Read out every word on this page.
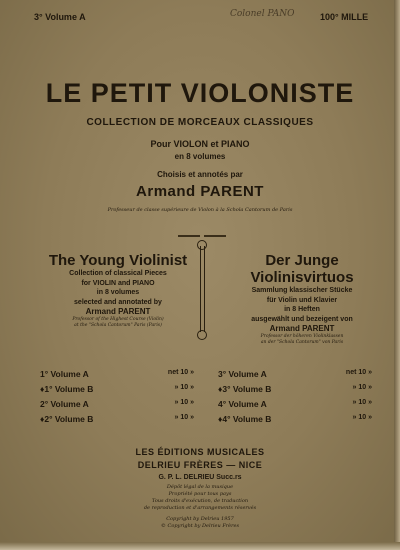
3° Volume A	Colonel PANO	100° MILLE
LE PETIT VIOLONISTE
COLLECTION DE MORCEAUX CLASSIQUES
Pour VIOLON et PIANO
en 8 volumes
Choisis et annotés par
Armand PARENT
Professeur de classe supérieure de Violon à la Schola Cantorum de Paris
The Young Violinist
Collection of classical Pieces
for VIOLIN and PIANO
in 8 volumes
selected and annotated by
Armand PARENT
Professor of the Highest Course (Violin)
at the "Schola Cantorum" Paris (Paris)
Der Junge Violinisvirtuos
Sammlung klassischer Stücke
für Violin und Klavier
in 8 Heften
ausgewählt und bezeigent von
Armand PARENT
Professor der höheren Violinklassen
an der "Schola Cantorum" von Paris
1° Volume A	net 10 »
♦1° Volume B	» 10 »
2° Volume A	» 10 »
♦2° Volume B	» 10 »
3° Volume A	net 10 »
♦3° Volume B	» 10 »
4° Volume A	» 10 »
♦4° Volume B	» 10 »
LES ÉDITIONS MUSICALES
DELRIEU FRÈRES — NICE
G. P. L. DELRIEU Succ.rs
Dépôt légal de la musique
Propriété pour tous pays
Tous droits d'exécution, de traduction
de reproduction et d'arrangements réservés
Copyright by Delrieu 1957
© Copyright by Delrieu Frères
